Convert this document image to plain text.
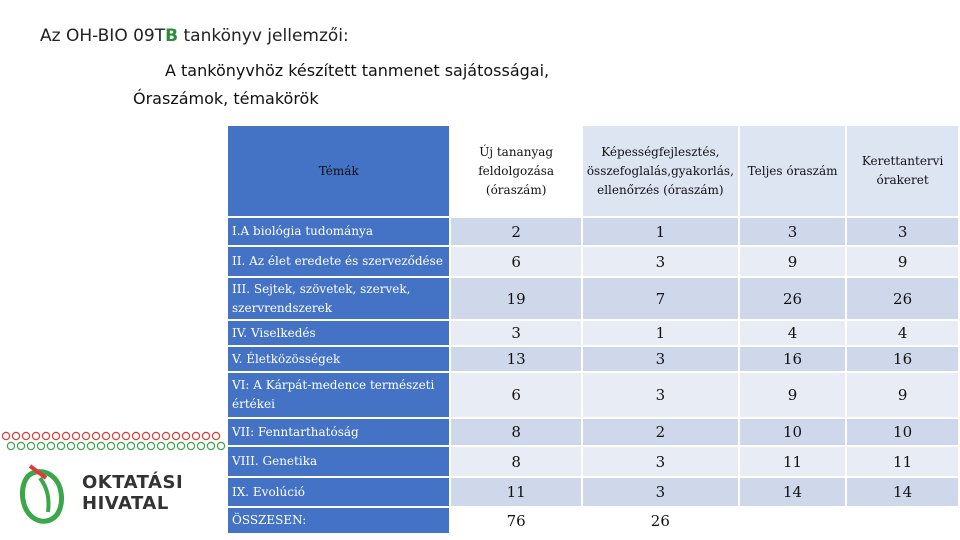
Az OH-BIO 09TB tankönyv jellemzői:
A tankönyvhöz készített tanmenet sajátosságai,
Óraszámok, témakörök
Témák	Új tananyag feldolgozása (óraszám)	Képességfejlesztés, összefoglalás,gyakorlás, ellenőrzés (óraszám)	Teljes óraszám	Kerettantervi órakeret
I.A biológia tudománya	2	1	3	3
II. Az élet eredete és szerveződése	6	3	9	9
III. Sejtek, szövetek, szervek, szervrendszerek	19	7	26	26
IV. Viselkedés	3	1	4	4
V. Életközösségek	13	3	16	16
VI: A Kárpát-medence természeti értékei	6	3	9	9
VII: Fenntarthatóság	8	2	10	10
VIII. Genetika	8	3	11	11
IX. Evolúció	11	3	14	14
ÖSSZESEN:	76	26		
OKTATÁSI
HIVATAL
